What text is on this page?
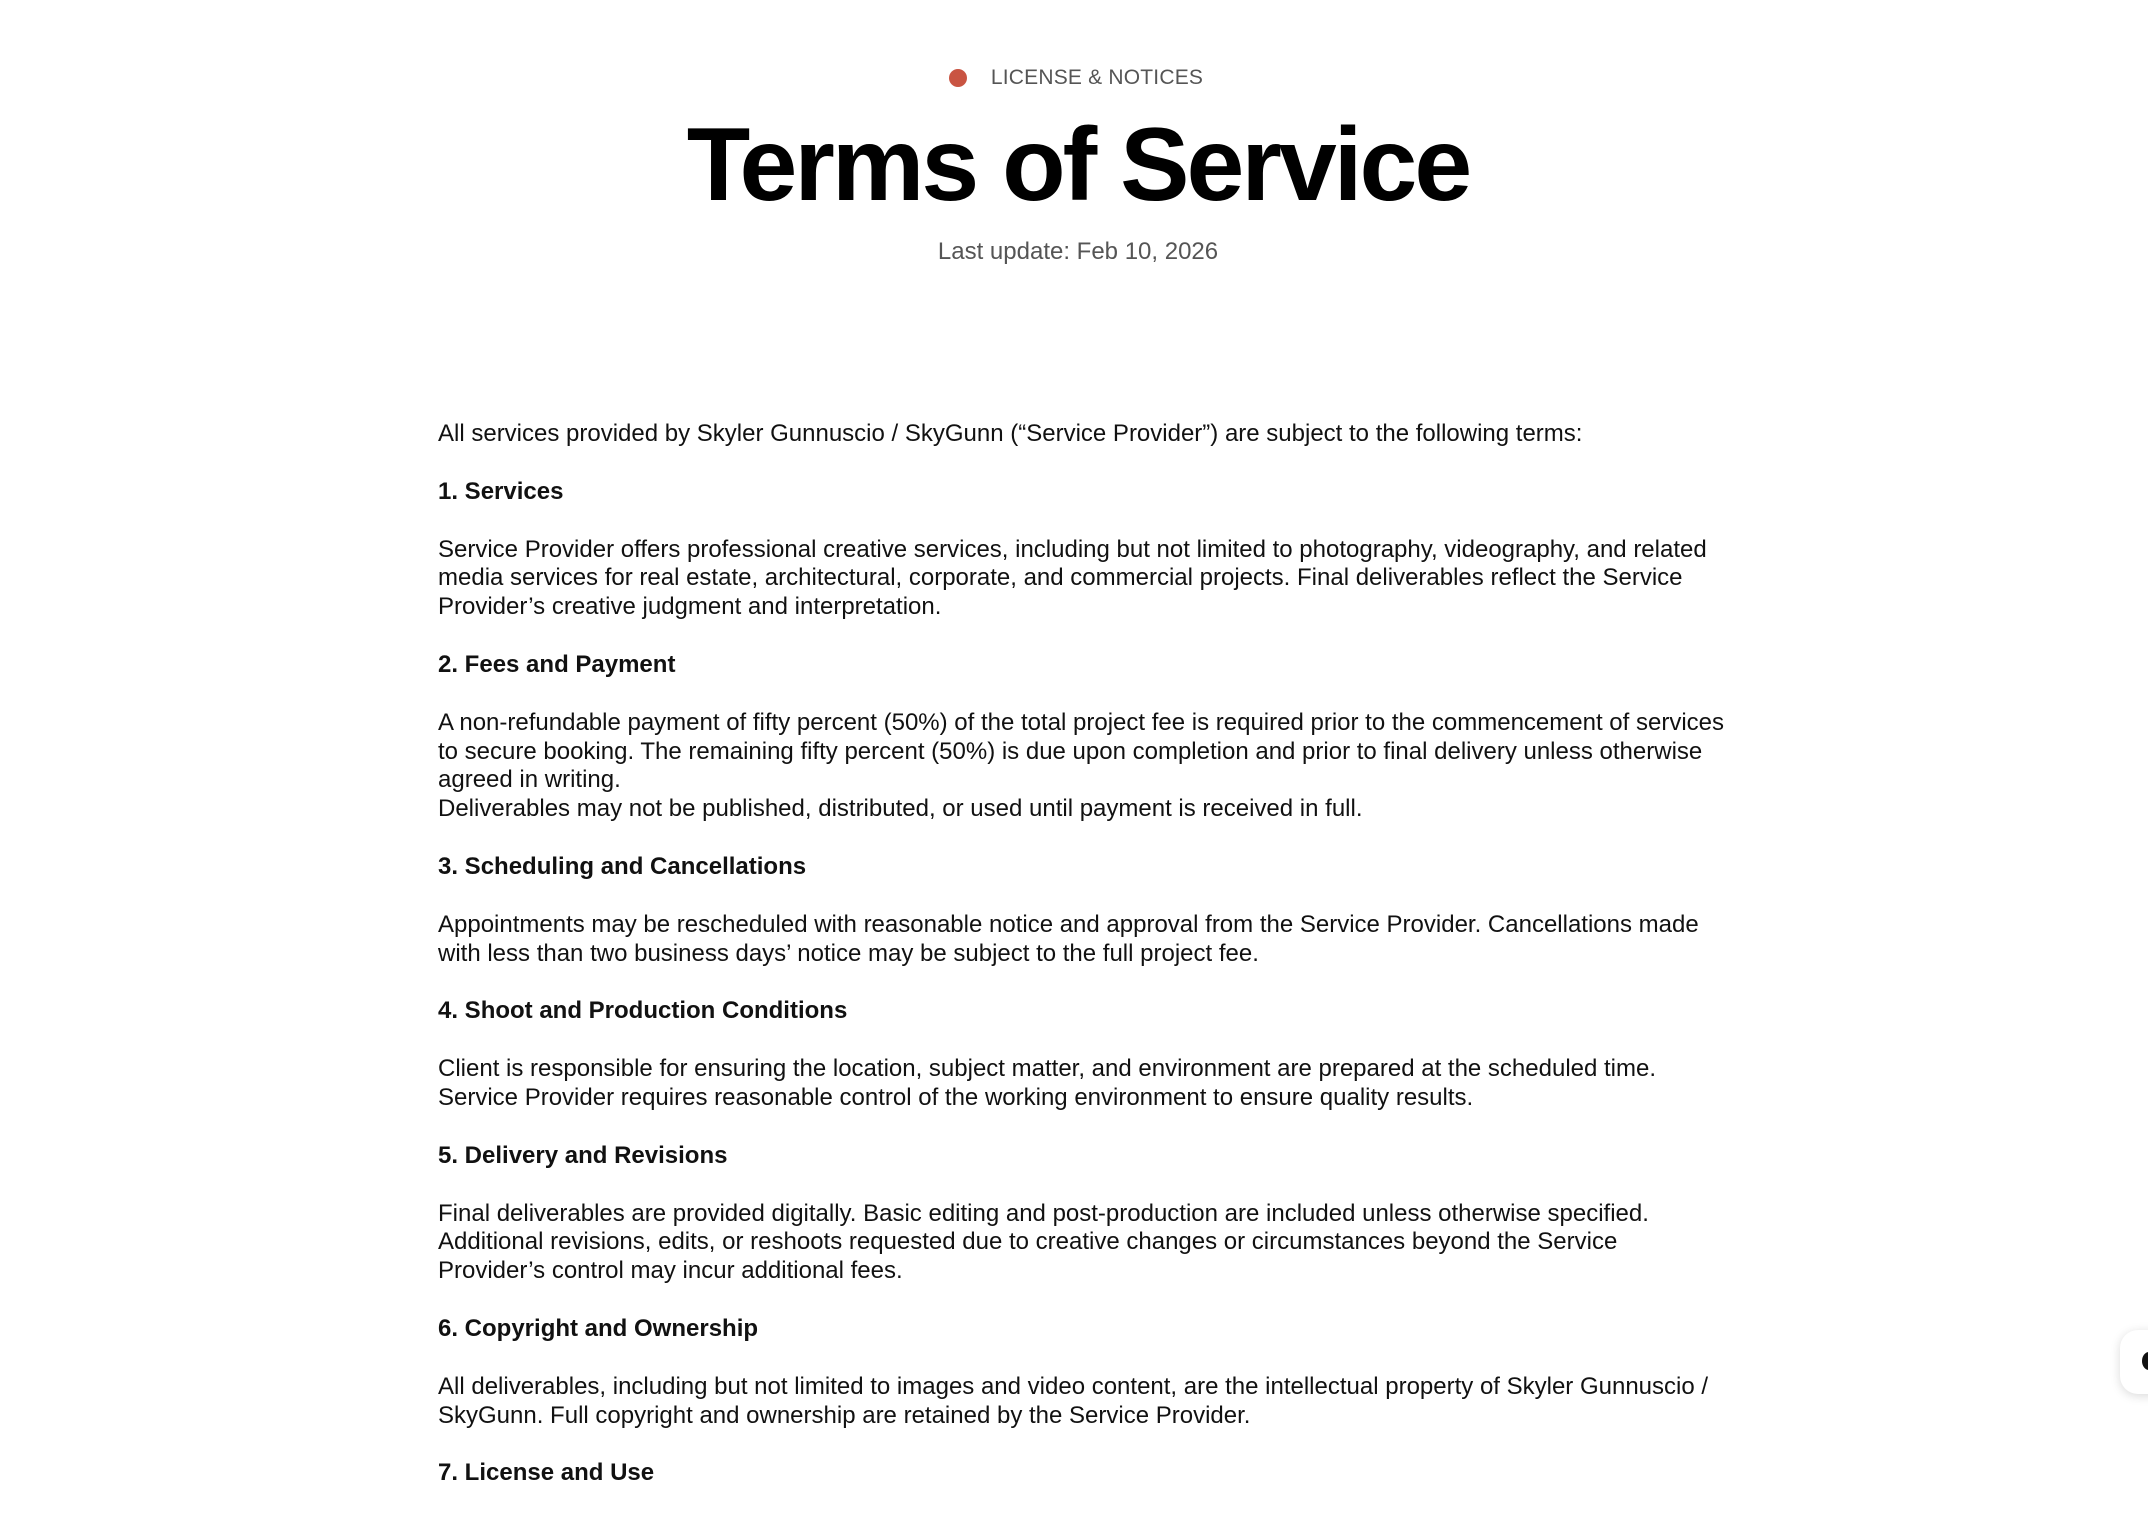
LICENSE & NOTICES
Terms of Service
Last update: Feb 10, 2026

All services provided by Skyler Gunnuscio / SkyGunn (“Service Provider”) are subject to the following terms:

1. Services

Service Provider offers professional creative services, including but not limited to photography, videography, and related media services for real estate, architectural, corporate, and commercial projects. Final deliverables reflect the Service Provider’s creative judgment and interpretation.

2. Fees and Payment

A non-refundable payment of fifty percent (50%) of the total project fee is required prior to the commencement of services to secure booking. The remaining fifty percent (50%) is due upon completion and prior to final delivery unless otherwise agreed in writing.
Deliverables may not be published, distributed, or used until payment is received in full.

3. Scheduling and Cancellations

Appointments may be rescheduled with reasonable notice and approval from the Service Provider. Cancellations made with less than two business days’ notice may be subject to the full project fee.

4. Shoot and Production Conditions

Client is responsible for ensuring the location, subject matter, and environment are prepared at the scheduled time. Service Provider requires reasonable control of the working environment to ensure quality results.

5. Delivery and Revisions

Final deliverables are provided digitally. Basic editing and post-production are included unless otherwise specified. Additional revisions, edits, or reshoots requested due to creative changes or circumstances beyond the Service Provider’s control may incur additional fees.

6. Copyright and Ownership

All deliverables, including but not limited to images and video content, are the intellectual property of Skyler Gunnuscio / SkyGunn. Full copyright and ownership are retained by the Service Provider.

7. License and Use
